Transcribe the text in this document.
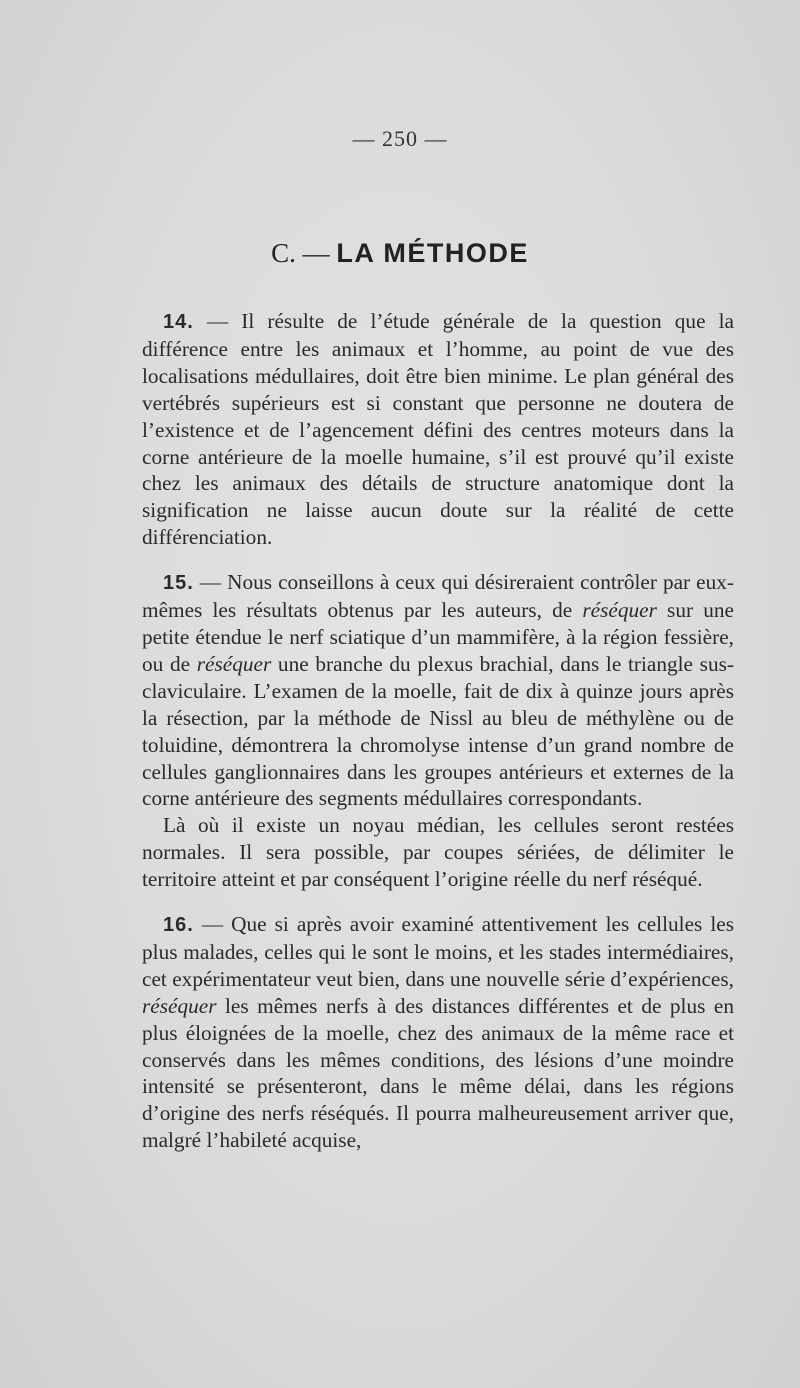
— 250 —
C. — LA MÉTHODE

14. — Il résulte de l’étude générale de la question que la différence entre les animaux et l’homme, au point de vue des localisations médullaires, doit être bien minime. Le plan général des vertébrés supérieurs est si constant que personne ne doutera de l’existence et de l’agencement défini des centres moteurs dans la corne antérieure de la moelle humaine, s’il est prouvé qu’il existe chez les animaux des détails de structure anatomique dont la signification ne laisse aucun doute sur la réalité de cette différenciation.

15. — Nous conseillons à ceux qui désireraient contrôler par eux-mêmes les résultats obtenus par les auteurs, de réséquer sur une petite étendue le nerf sciatique d’un mammifère, à la région fessière, ou de réséquer une branche du plexus brachial, dans le triangle sus-claviculaire. L’examen de la moelle, fait de dix à quinze jours après la résection, par la méthode de Nissl au bleu de méthylène ou de toluidine, démontrera la chromolyse intense d’un grand nombre de cellules ganglionnaires dans les groupes antérieurs et externes de la corne antérieure des segments médullaires correspondants.

Là où il existe un noyau médian, les cellules seront restées normales. Il sera possible, par coupes sériées, de délimiter le territoire atteint et par conséquent l’origine réelle du nerf réséqué.

16. — Que si après avoir examiné attentivement les cellules les plus malades, celles qui le sont le moins, et les stades intermédiaires, cet expérimentateur veut bien, dans une nouvelle série d’expériences, réséquer les mêmes nerfs à des distances différentes et de plus en plus éloignées de la moelle, chez des animaux de la même race et conservés dans les mêmes conditions, des lésions d’une moindre intensité se présenteront, dans le même délai, dans les régions d’origine des nerfs réséqués. Il pourra malheureusement arriver que, malgré l’habileté acquise,
